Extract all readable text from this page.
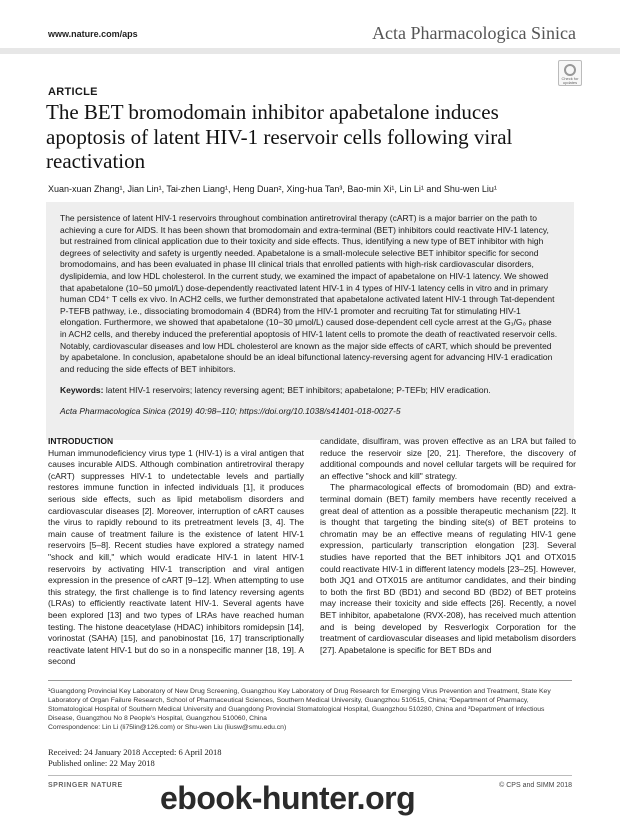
www.nature.com/aps	Acta Pharmacologica Sinica
Check for updates
ARTICLE
The BET bromodomain inhibitor apabetalone induces apoptosis of latent HIV-1 reservoir cells following viral reactivation
Xuan-xuan Zhang¹, Jian Lin¹, Tai-zhen Liang¹, Heng Duan², Xing-hua Tan³, Bao-min Xi¹, Lin Li¹ and Shu-wen Liu¹

The persistence of latent HIV-1 reservoirs throughout combination antiretroviral therapy (cART) is a major barrier on the path to achieving a cure for AIDS. It has been shown that bromodomain and extra-terminal (BET) inhibitors could reactivate HIV-1 latency, but restrained from clinical application due to their toxicity and side effects. Thus, identifying a new type of BET inhibitor with high degrees of selectivity and safety is urgently needed. Apabetalone is a small-molecule selective BET inhibitor specific for second bromodomains, and has been evaluated in phase III clinical trials that enrolled patients with high-risk cardiovascular disorders, dyslipidemia, and low HDL cholesterol. In the current study, we examined the impact of apabetalone on HIV-1 latency. We showed that apabetalone (10−50 μmol/L) dose-dependently reactivated latent HIV-1 in 4 types of HIV-1 latency cells in vitro and in primary human CD4⁺ T cells ex vivo. In ACH2 cells, we further demonstrated that apabetalone activated latent HIV-1 through Tat-dependent P-TEFB pathway, i.e., dissociating bromodomain 4 (BDR4) from the HIV-1 promoter and recruiting Tat for stimulating HIV-1 elongation. Furthermore, we showed that apabetalone (10−30 μmol/L) caused dose-dependent cell cycle arrest at the G₁/G₀ phase in ACH2 cells, and thereby induced the preferential apoptosis of HIV-1 latent cells to promote the death of reactivated reservoir cells. Notably, cardiovascular diseases and low HDL cholesterol are known as the major side effects of cART, which should be prevented by apabetalone. In conclusion, apabetalone should be an ideal bifunctional latency-reversing agent for advancing HIV-1 eradication and reducing the side effects of BET inhibitors.

Keywords: latent HIV-1 reservoirs; latency reversing agent; BET inhibitors; apabetalone; P-TEFb; HIV eradication.

Acta Pharmacologica Sinica (2019) 40:98–110; https://doi.org/10.1038/s41401-018-0027-5

INTRODUCTION

Human immunodeficiency virus type 1 (HIV-1) is a viral antigen that causes incurable AIDS. Although combination antiretroviral therapy (cART) suppresses HIV-1 to undetectable levels and partially restores immune function in infected individuals [1], it produces serious side effects, such as lipid metabolism disorders and cardiovascular diseases [2]. Moreover, interruption of cART causes the virus to rapidly rebound to its pretreatment levels [3, 4]. The main cause of treatment failure is the existence of latent HIV-1 reservoirs [5–8]. Recent studies have explored a strategy named "shock and kill," which would eradicate HIV-1 in latent HIV-1 reservoirs by activating HIV-1 transcription and viral antigen expression in the presence of cART [9–12]. When attempting to use this strategy, the first challenge is to find latency reversing agents (LRAs) to efficiently reactivate latent HIV-1. Several agents have been explored [13] and two types of LRAs have reached human testing. The histone deacetylase (HDAC) inhibitors romidepsin [14], vorinostat (SAHA) [15], and panobinostat [16, 17] transcriptionally reactivate latent HIV-1 but do so in a nonspecific manner [18, 19]. A second

candidate, disulfiram, was proven effective as an LRA but failed to reduce the reservoir size [20, 21]. Therefore, the discovery of additional compounds and novel cellular targets will be required for an effective "shock and kill" strategy.

The pharmacological effects of bromodomain (BD) and extra-terminal domain (BET) family members have recently received a great deal of attention as a possible therapeutic mechanism [22]. It is thought that targeting the binding site(s) of BET proteins to chromatin may be an effective means of regulating HIV-1 gene expression, particularly transcription elongation [23]. Several studies have reported that the BET inhibitors JQ1 and OTX015 could reactivate HIV-1 in different latency models [23–25]. However, both JQ1 and OTX015 are antitumor candidates, and their binding to both the first BD (BD1) and second BD (BD2) of BET proteins may increase their toxicity and side effects [26]. Recently, a novel BET inhibitor, apabetalone (RVX-208), has received much attention and is being developed by Resverlogix Corporation for the treatment of cardiovascular diseases and lipid metabolism disorders [27]. Apabetalone is specific for BET BDs and

¹Guangdong Provincial Key Laboratory of New Drug Screening, Guangzhou Key Laboratory of Drug Research for Emerging Virus Prevention and Treatment, State Key Laboratory of Organ Failure Research, School of Pharmaceutical Sciences, Southern Medical University, Guangzhou 510515, China; ²Department of Pharmacy, Stomatological Hospital of Southern Medical University and Guangdong Provincial Stomatological Hospital, Guangzhou 510280, China and ³Department of Infectious Disease, Guangzhou No 8 People's Hospital, Guangzhou 510060, China
Correspondence: Lin Li (li75lin@126.com) or Shu-wen Liu (liusw@smu.edu.cn)
Received: 24 January 2018 Accepted: 6 April 2018
Published online: 22 May 2018
SPRINGER NATURE	© CPS and SIMM 2018
ebook-hunter.org
